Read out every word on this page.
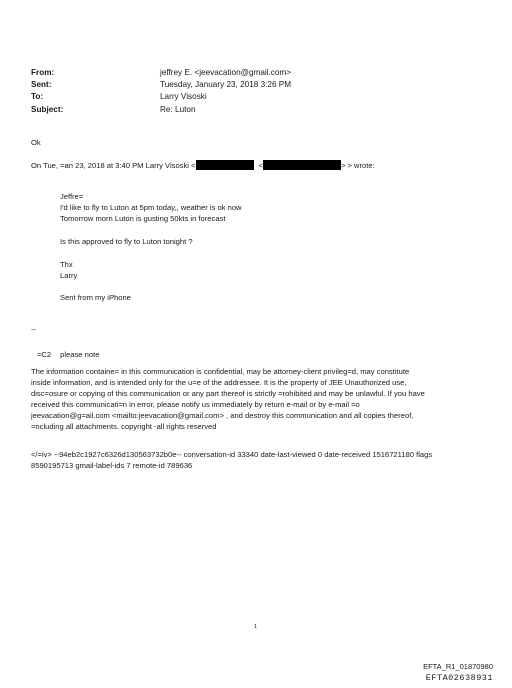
From:	jeffrey E. <jeevacation@gmail.com>
Sent:	Tuesday, January 23, 2018 3:26 PM
To:	Larry Visoski
Subject:	Re: Luton
Ok
On Tue, =an 23, 2018 at 3:40 PM Larry Visoski <	<	> > wrote:
Jeffre=
I'd like to fly to Luton at 5pm today,, weather is ok now
Tomorrow morn Luton is gusting 50kts in forecast
Is this approved to fly to Luton tonight ?
Thx
Larry
Sent from my iPhone
--
=C2 please note
The information containe= in this communication is confidential, may be attorney-client privileg=d, may constitute
inside information, and is intended only for the u=e of the addressee. It is the property of JEE Unauthorized use,
disc=osure or copying of this communication or any part thereof is strictly =rohibited and may be unlawful. If you have
received this communicati=n in error, please notify us immediately by return e-mail or by e-mail =o
jeevacation@g=ail.com <mailto:jeevacation@gmail.com> , and destroy this communication and all copies thereof,
=ncluding all attachments. copyright -all rights reserved
</=iv> --94eb2c1927c6326d130563732b0e-- conversation-id 33340 date-last-viewed 0 date-received 1516721180 flags
8590195713 gmail-label-ids 7 remote-id 789636
1
EFTA_R1_01870980
EFTA02638931
